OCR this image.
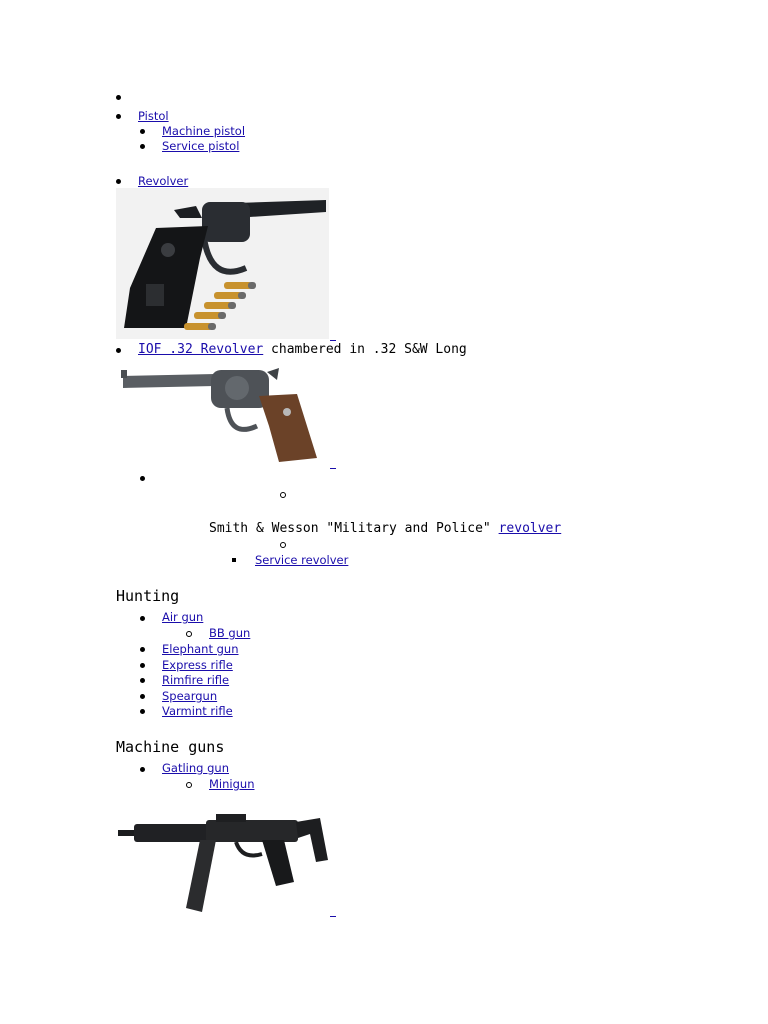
Pistol
Machine pistol
Service pistol
Revolver
IOF .32 Revolver chambered in .32 S&W Long
Smith & Wesson "Military and Police" revolver
Service revolver
Hunting
Air gun
BB gun
Elephant gun
Express rifle
Rimfire rifle
Speargun
Varmint rifle
Machine guns
Gatling gun
Minigun
